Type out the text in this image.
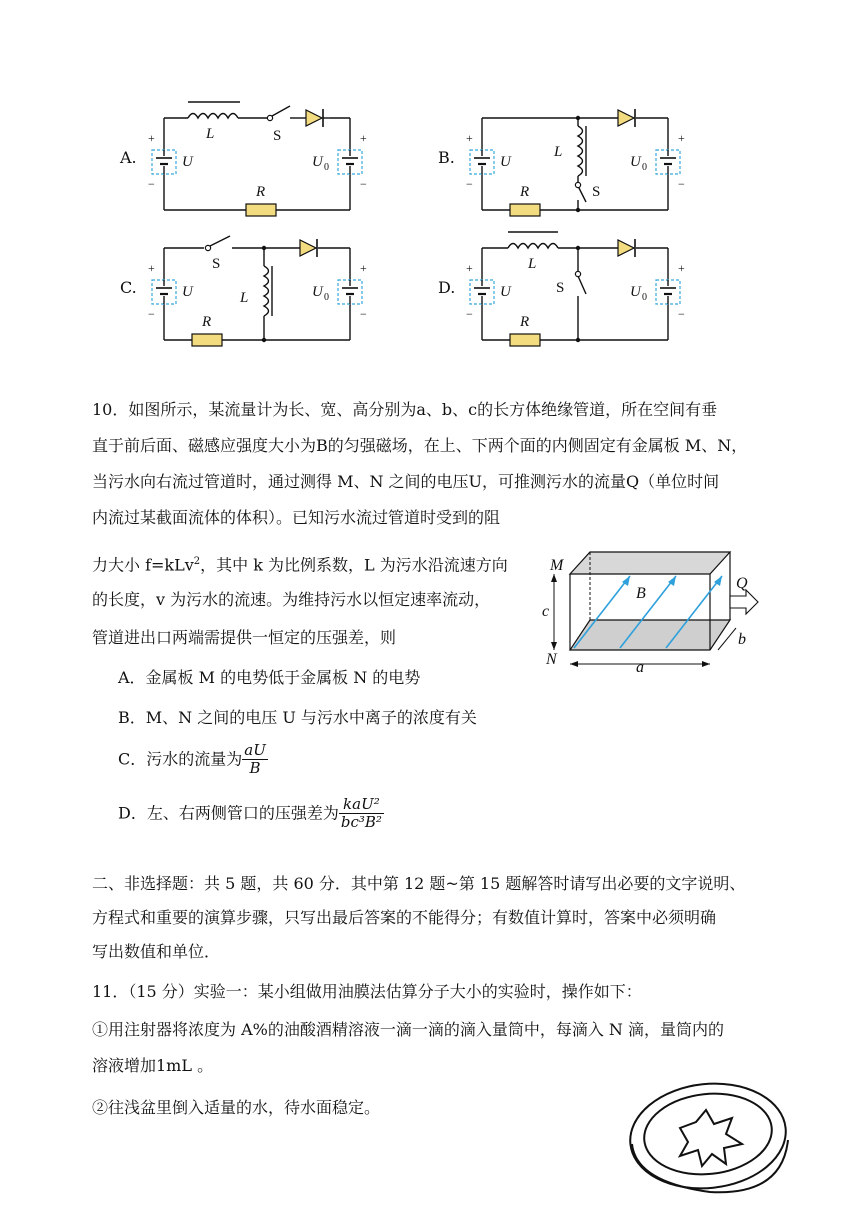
A.
L	S
U	U 0
R
+
−
+
−
B.	L
S
U	U 0
R
+
−
+
−
C.
L
S
U	U 0
R
+
−
+
−
D.
L
S
U	U 0
R
+
−
+
−
10．如图所示，某流量计为长、宽、高分别为a、b、c的长方体绝缘管道，所在空间有垂
直于前后面、磁感应强度大小为B的匀强磁场，在上、下两个面的内侧固定有金属板 M、N，
当污水向右流过管道时，通过测得 M、N 之间的电压U，可推测污水的流量Q（单位时间
内流过某截面流体的体积）。已知污水流过管道时受到的阻
力大小 f=kLv$^2$，其中 k 为比例系数，L 为污水沿流速方向
的长度，v 为污水的流速。为维持污水以恒定速率流动，
管道进出口两端需提供一恒定的压强差，则
M
N
B
Q
a
b
c
A．金属板 M 的电势低于金属板 N 的电势
B．M、N 之间的电压 U 与污水中离子的浓度有关
C．污水的流量为 $\frac{aU}{B}$
D．左、右两侧管口的压强差为 $\frac{\text{kaU²}}{\text{bc³B²}}$
二、非选择题：共 5 题，共 60 分．其中第 12 题~第 15 题解答时请写出必要的文字说明、
方程式和重要的演算步骤，只写出最后答案的不能得分；有数值计算时，答案中必须明确
写出数值和单位．
11．（15 分）实验一：某小组做用油膜法估算分子大小的实验时，操作如下：
①用注射器将浓度为 A%的油酸酒精溶液一滴一滴的滴入量筒中，每滴入 N 滴，量筒内的
溶液增加1mL 。
②往浅盆里倒入适量的水，待水面稳定。
